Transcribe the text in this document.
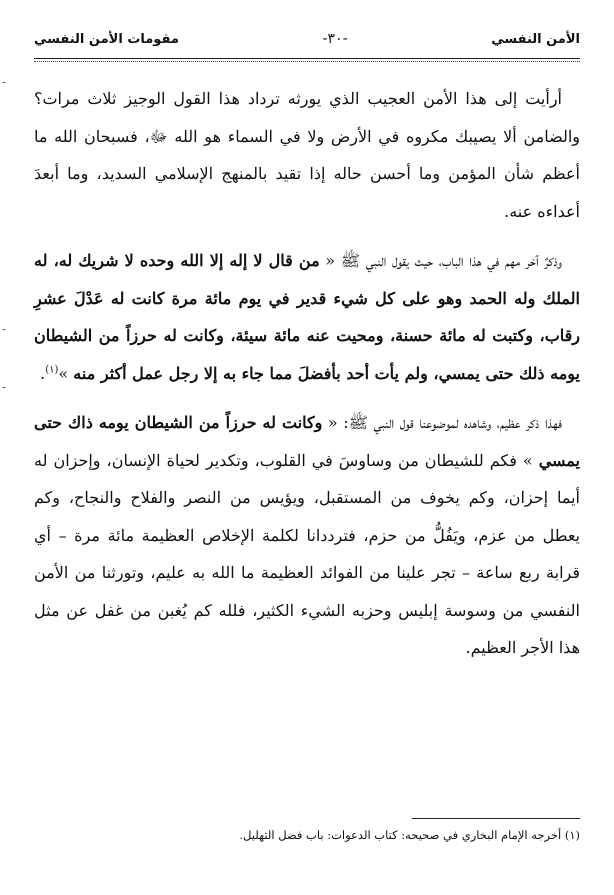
الأمن النفسي
-٣٠-
مقومات الأمن النفسي

أرأيت إلى هذا الأمن العجيب الذي يورثه ترداد هذا القول الوجيز ثلاث مرات؟ والضامن ألا يصيبك مكروه في الأرض ولا في السماء هو الله ﷻ، فسبحان الله ما أعظم شأن المؤمن وما أحسن حاله إذا تقيد بالمنهج الإسلامي السديد، وما أبعدَ أعداءه عنه.

وذكرٌ آخر مهم في هذا الباب، حيث يقول النبي ﷺ « من قال لا إله إلا الله وحده لا شريك له، له الملك وله الحمد وهو على كل شيء قدير في يوم مائة مرة كانت له عَدْلَ عشرِ رقاب، وكتبت له مائة حسنة، ومحيت عنه مائة سيئة، وكانت له حرزاً من الشيطان يومه ذلك حتى يمسي، ولم يأت أحد بأفضلَ مما جاء به إلا رجل عمل أكثر منه »$^{(١)}$.

فهذا ذكر عظيم، وشاهده لموضوعنا قول النبي ﷺ: « وكانت له حرزاً من الشيطان يومه ذاك حتى يمسي » فكم للشيطان من وساوسَ في القلوب، وتكدير لحياة الإنسان، وإحزان له أيما إحزان، وكم يخوف من المستقبل، ويؤيس من النصر والفلاح والنجاح، وكم يعطل من عزم، ويَفُلُّ من حزم، فترددانا لكلمة الإخلاص العظيمة مائة مرة – أي قرابة ربع ساعة – تجر علينا من الفوائد العظيمة ما الله به عليم، وتورثنا من الأمن النفسي من وسوسة إبليس وحزبه الشيء الكثير، فلله كم يُغبن من غفل عن مثل هذا الأجر العظيم.

(١) أخرجه الإمام البخاري في صحيحه: كتاب الدعوات: باب فضل التهليل.
‐
‐
‐
